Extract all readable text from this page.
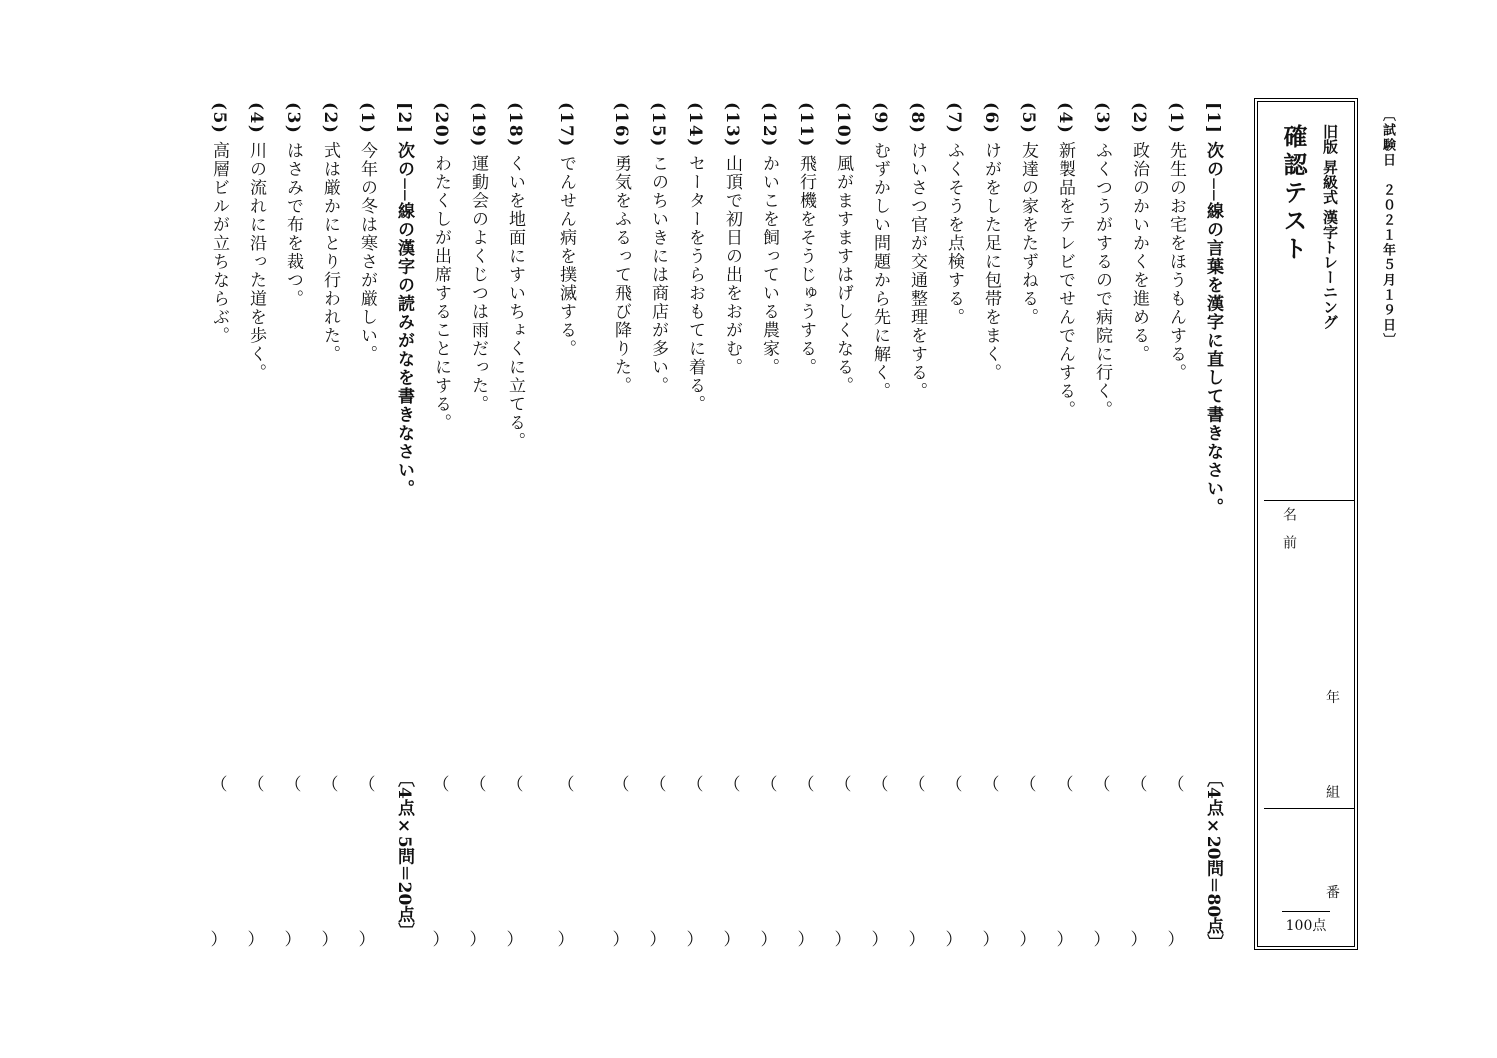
〔試験日　２０２１年５月１９日〕
旧版 昇級式 漢字トレーニング
確認テスト
名前
年
組
番
100点
[1] 次の──線の言葉を漢字に直して書きなさい。
〔4点×20問＝80点〕
(1) 先生のお宅をほうもんする。
（
）
(2) 政治のかいかくを進める。
（
）
(3) ふくつうがするので病院に行く。
（
）
(4) 新製品をテレビでせんでんする。
（
）
(5) 友達の家をたずねる。
（
）
(6) けがをした足に包帯をまく。
（
）
(7) ふくそうを点検する。
（
）
(8) けいさつ官が交通整理をする。
（
）
(9) むずかしい問題から先に解く。
（
）
(10) 風がますますはげしくなる。
（
）
(11) 飛行機をそうじゅうする。
（
）
(12) かいこを飼っている農家。
（
）
(13) 山頂で初日の出をおがむ。
（
）
(14) セーターをうらおもてに着る。
（
）
(15) このちいきには商店が多い。
（
）
(16) 勇気をふるって飛び降りた。
（
）
(17) でんせん病を撲滅する。
（
）
(18) くいを地面にすいちょくに立てる。
（
）
(19) 運動会のよくじつは雨だった。
（
）
(20) わたくしが出席することにする。
（
）
[2] 次の──線の漢字の読みがなを書きなさい。
〔4点×5問＝20点〕
(1) 今年の冬は寒さが厳しい。
（
）
(2) 式は厳かにとり行われた。
（
）
(3) はさみで布を裁つ。
（
）
(4) 川の流れに沿った道を歩く。
（
）
(5) 高層ビルが立ちならぶ。
（
）
